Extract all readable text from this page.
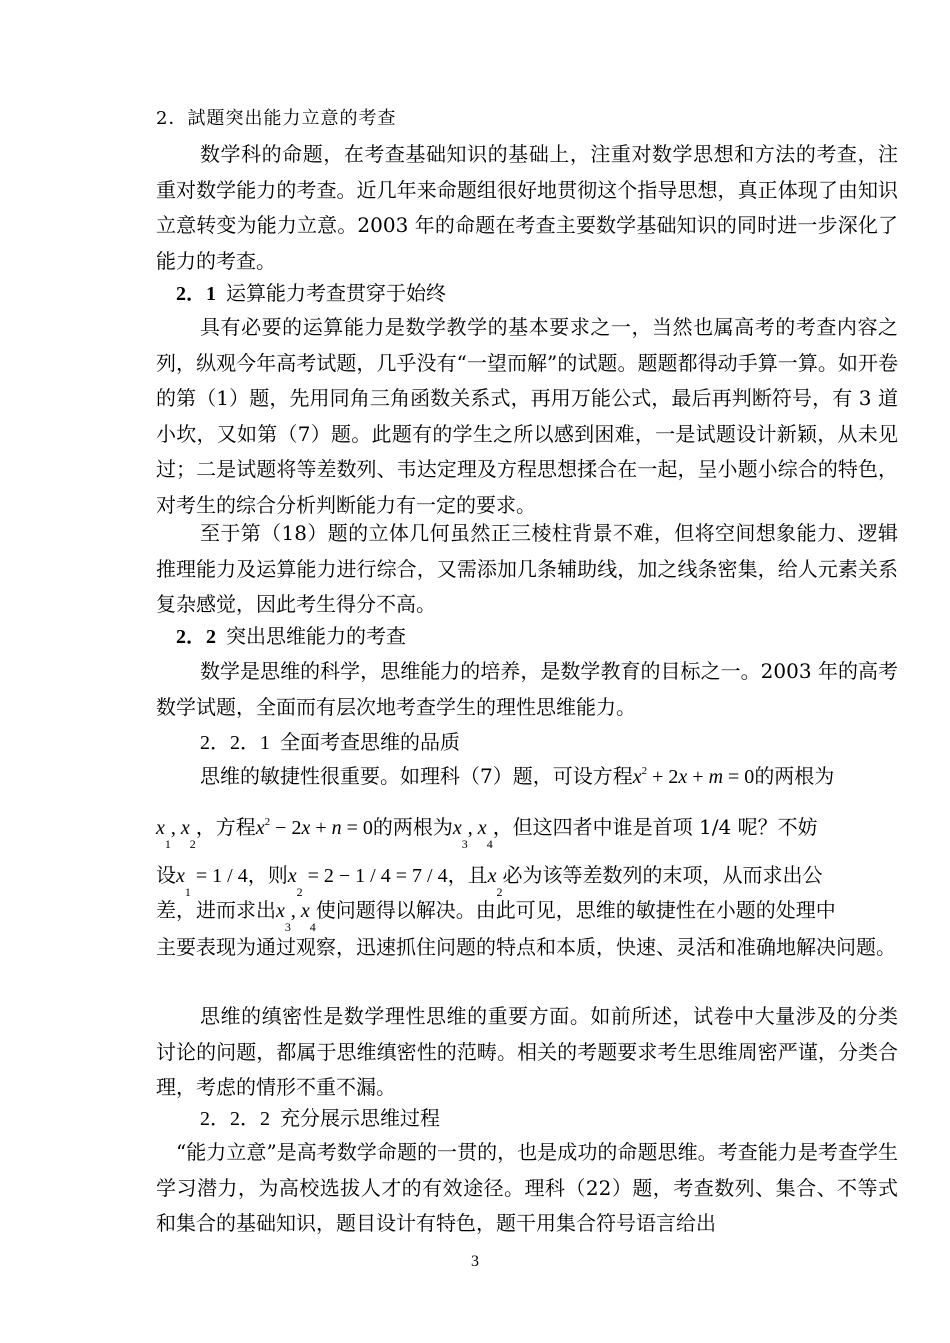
2．試題突出能力立意的考查
数学科的命题，在考查基础知识的基础上，注重对数学思想和方法的考查，注重对数学能力的考查。近几年来命题组很好地贯彻这个指导思想，真正体现了由知识立意转变为能力立意。2003 年的命题在考查主要数学基础知识的同时进一步深化了能力的考查。
2．1 运算能力考查贯穿于始终
具有必要的运算能力是数学教学的基本要求之一，当然也属高考的考查内容之列，纵观今年高考试题，几乎没有“一望而解”的试题。题题都得动手算一算。如开卷的第（1）题，先用同角三角函数关系式，再用万能公式，最后再判断符号，有 3 道小坎，又如第（7）题。此题有的学生之所以感到困难，一是试题设计新颖，从未见过；二是试题将等差数列、韦达定理及方程思想揉合在一起，呈小题小综合的特色，对考生的综合分析判断能力有一定的要求。
至于第（18）题的立体几何虽然正三棱柱背景不难，但将空间想象能力、逻辑推理能力及运算能力进行综合，又需添加几条辅助线，加之线条密集，给人元素关系复杂感觉，因此考生得分不高。
2．2 突出思维能力的考查
数学是思维的科学，思维能力的培养，是数学教育的目标之一。2003 年的高考数学试题，全面而有层次地考查学生的理性思维能力。
2．2．1 全面考查思维的品质
思维的敏捷性很重要。如理科（7）题，可设方程$x^2 + 2x + m = 0$的两根为
$x_1$, $x_2$，方程$x^2 - 2x + n = 0$的两根为$x_3$, $x_4$，但这四者中谁是首项 1/4 呢？不妨
设$x_1 = 1 / 4$，则$x_2 = 2 - 1 / 4 = 7 / 4$，且$x_2$必为该等差数列的末项，从而求出公
差，进而求出$x_3$, $x_4$使问题得以解决。由此可见，思维的敏捷性在小题的处理中
主要表现为通过观察，迅速抓住问题的特点和本质，快速、灵活和准确地解决问题。
思维的缜密性是数学理性思维的重要方面。如前所述，试卷中大量涉及的分类讨论的问题，都属于思维缜密性的范畴。相关的考题要求考生思维周密严谨，分类合理，考虑的情形不重不漏。
2．2．2 充分展示思维过程
“能力立意”是高考数学命题的一贯的，也是成功的命题思维。考查能力是考查学生学习潜力，为高校选拔人才的有效途径。理科（22）题，考查数列、集合、不等式和集合的基础知识，题目设计有特色，题干用集合符号语言给出
3
